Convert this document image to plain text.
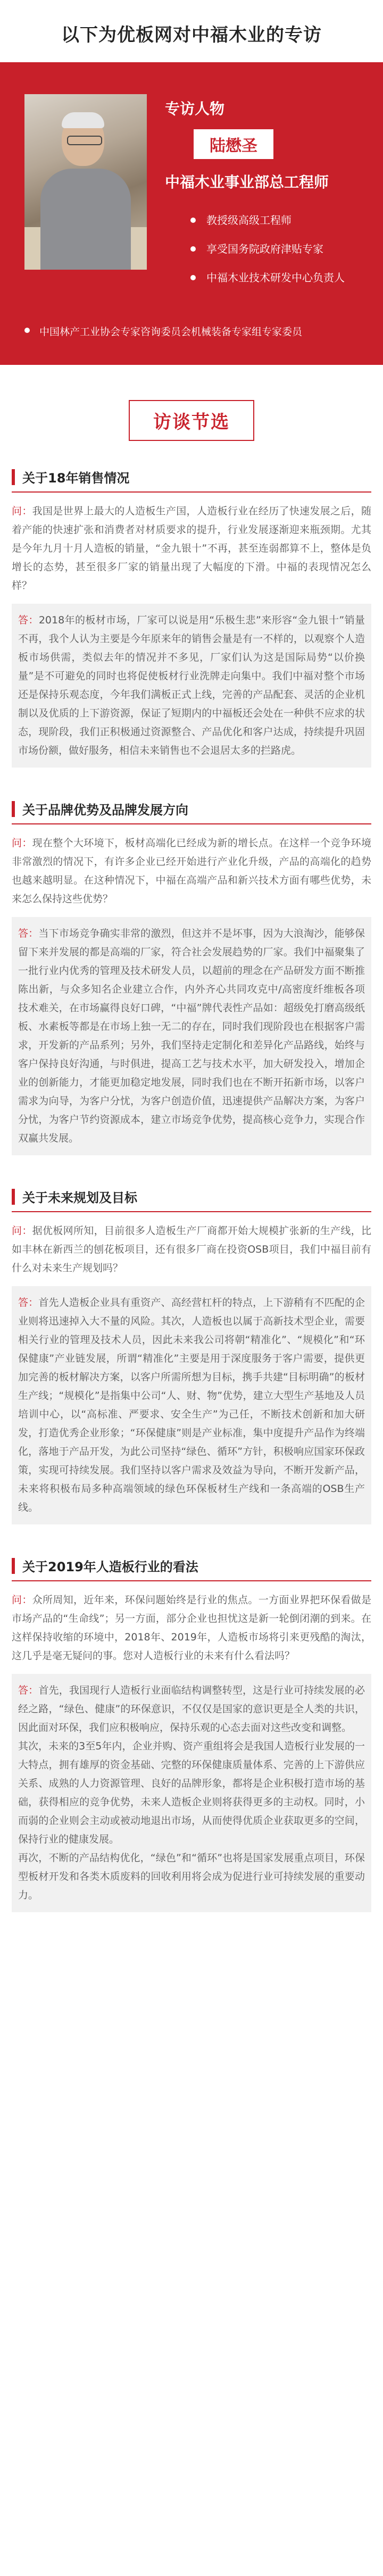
以下为优板网对中福木业的专访
专访人物
陆懋圣
中福木业事业部总工程师
教授级高级工程师
享受国务院政府津贴专家
中福木业技术研发中心负责人
中国林产工业协会专家咨询委员会机械装备专家组专家委员
访谈节选
关于18年销售情况
问：我国是世界上最大的人造板生产国，人造板行业在经历了快速发展之后，随着产能的快速扩张和消费者对材质要求的提升，行业发展逐渐迎来瓶颈期。尤其是今年九月十月人造板的销量，“金九银十”不再，甚至连弱都算不上，整体是负增长的态势，甚至很多厂家的销量出现了大幅度的下滑。中福的表现情况怎么样？

答：2018年的板材市场，厂家可以说是用“乐极生悲”来形容“金九银十”销量不再，我个人认为主要是今年原来年的销售会量是有一不样的，以观察个人造板市场供需，类似去年的情况并不多见，厂家们认为这是国际局势“以价换量”是不可避免的同时也将促使板材行业洗牌走向集中。我们中福对整个市场还是保持乐观态度，今年我们满板正式上线，完善的产品配套、灵活的企业机制以及优质的上下游资源，保证了短期内的中福板还会处在一种供不应求的状态，现阶段，我们正积极通过资源整合、产品优化和客户达成，持续提升巩固市场份额，做好服务，相信未来销售也不会退居太多的拦路虎。

关于品牌优势及品牌发展方向
问：现在整个大环境下，板材高端化已经成为新的增长点。在这样一个竞争环境非常激烈的情况下，有许多企业已经开始进行产业化升级，产品的高端化的趋势也越来越明显。在这种情况下，中福在高端产品和新兴技术方面有哪些优势，未来怎么保持这些优势？

答：当下市场竞争确实非常的激烈，但这并不是坏事，因为大浪淘沙，能够保留下来并发展的都是高端的厂家，符合社会发展趋势的厂家。我们中福聚集了一批行业内优秀的管理及技术研发人员，以超前的理念在产品研发方面不断推陈出新，与众多知名企业建立合作，内外齐心共同攻克中/高密度纤维板各项技术难关，在市场赢得良好口碑，“中福”牌代表性产品如：超级免打磨高级纸板、水素板等都是在市场上独一无二的存在，同时我们现阶段也在根据客户需求，开发新的产品系列；另外，我们坚持走定制化和差异化产品路线，始终与客户保持良好沟通，与时俱进，提高工艺与技术水平，加大研发投入，增加企业的创新能力，才能更加稳定地发展，同时我们也在不断开拓新市场，以客户需求为向导，为客户分忧，为客户创造价值，迅速提供产品解决方案，为客户分忧，为客户节约资源成本，建立市场竞争优势，提高核心竞争力，实现合作双赢共发展。

关于未来规划及目标
问：据优板网所知，目前很多人造板生产厂商都开始大规模扩张新的生产线，比如丰林在新西兰的刨花板项目，还有很多厂商在投资OSB项目，我们中福目前有什么对未来生产规划吗？

答：首先人造板企业具有重资产、高经营杠杆的特点，上下游稍有不匹配的企业则将迅速掉入大不量的风险。其次，人造板也以属于高新技术型企业，需要相关行业的管理及技术人员，因此未来我公司将朝“精准化”、“规模化”和“环保健康”产业链发展，所谓“精准化”主要是用于深度服务于客户需要，提供更加完善的板材解决方案，以客户所需所想为目标，携手共建“目标明确”的板材生产线；“规模化”是指集中公司“人、财、物”优势，建立大型生产基地及人员培训中心，以“高标准、严要求、安全生产”为己任，不断技术创新和加大研发，打造优秀企业形象；“环保健康”则是产业标准，集中度提升产品作为终端化，落地于产品开发，为此公司坚持“绿色、循环”方针，积极响应国家环保政策，实现可持续发展。我们坚持以客户需求及效益为导向，不断开发新产品，未来将积极布局多种高端领域的绿色环保板材生产线和一条高端的OSB生产线。

关于2019年人造板行业的看法
问：众所周知，近年来，环保问题始终是行业的焦点。一方面业界把环保看做是市场产品的“生命线”；另一方面，部分企业也担忧这是新一轮倒闭潮的到来。在这样保持收缩的环境中，2018年、2019年，人造板市场将引来更残酷的淘汰，这几乎是毫无疑问的事。您对人造板行业的未来有什么看法吗？

答：首先，我国现行人造板行业面临结构调整转型，这是行业可持续发展的必经之路，“绿色、健康”的环保意识，不仅仅是国家的意识更是全人类的共识，因此面对环保，我们应积极响应，保持乐观的心态去面对这些改变和调整。

其次，未来的3至5年内，企业并购、资产重组将会是我国人造板行业发展的一大特点，拥有雄厚的资金基础、完整的环保健康质量体系、完善的上下游供应关系、成熟的人力资源管理、良好的品牌形象，都将是企业积极打造市场的基础，获得相应的竞争优势，未来人造板企业则将获得更多的主动权。同时，小而弱的企业则会主动或被动地退出市场，从而使得优质企业获取更多的空间，保持行业的健康发展。

再次，不断的产品结构优化，“绿色”和“循环”也将是国家发展重点项目，环保型板材开发和各类木质废料的回收利用将会成为促进行业可持续发展的重要动力。
